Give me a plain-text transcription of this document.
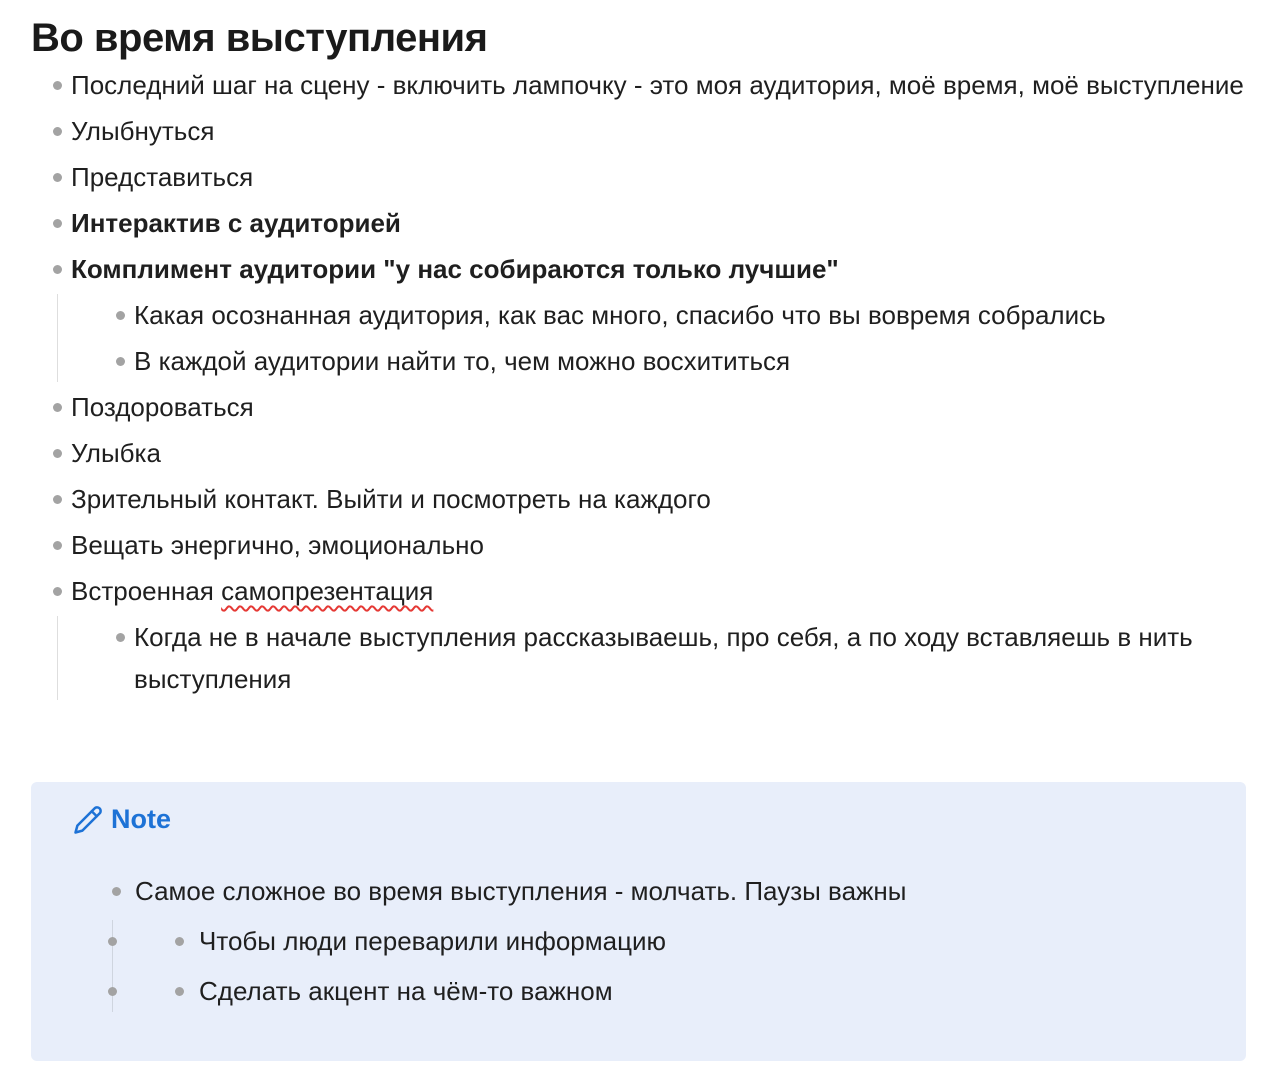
Во время выступления
Последний шаг на сцену - включить лампочку - это моя аудитория, моё время, моё выступление
Улыбнуться
Представиться
Интерактив с аудиторией
Комплимент аудитории "у нас собираются только лучшие"
Какая осознанная аудитория, как вас много, спасибо что вы вовремя собрались
В каждой аудитории найти то, чем можно восхититься
Поздороваться
Улыбка
Зрительный контакт. Выйти и посмотреть на каждого
Вещать энергично, эмоционально
Встроенная самопрезентация
Когда не в начале выступления рассказываешь, про себя, а по ходу вставляешь в нить выступления
Note
Самое сложное во время выступления - молчать. Паузы важны
Чтобы люди переварили информацию
Сделать акцент на чём-то важном
